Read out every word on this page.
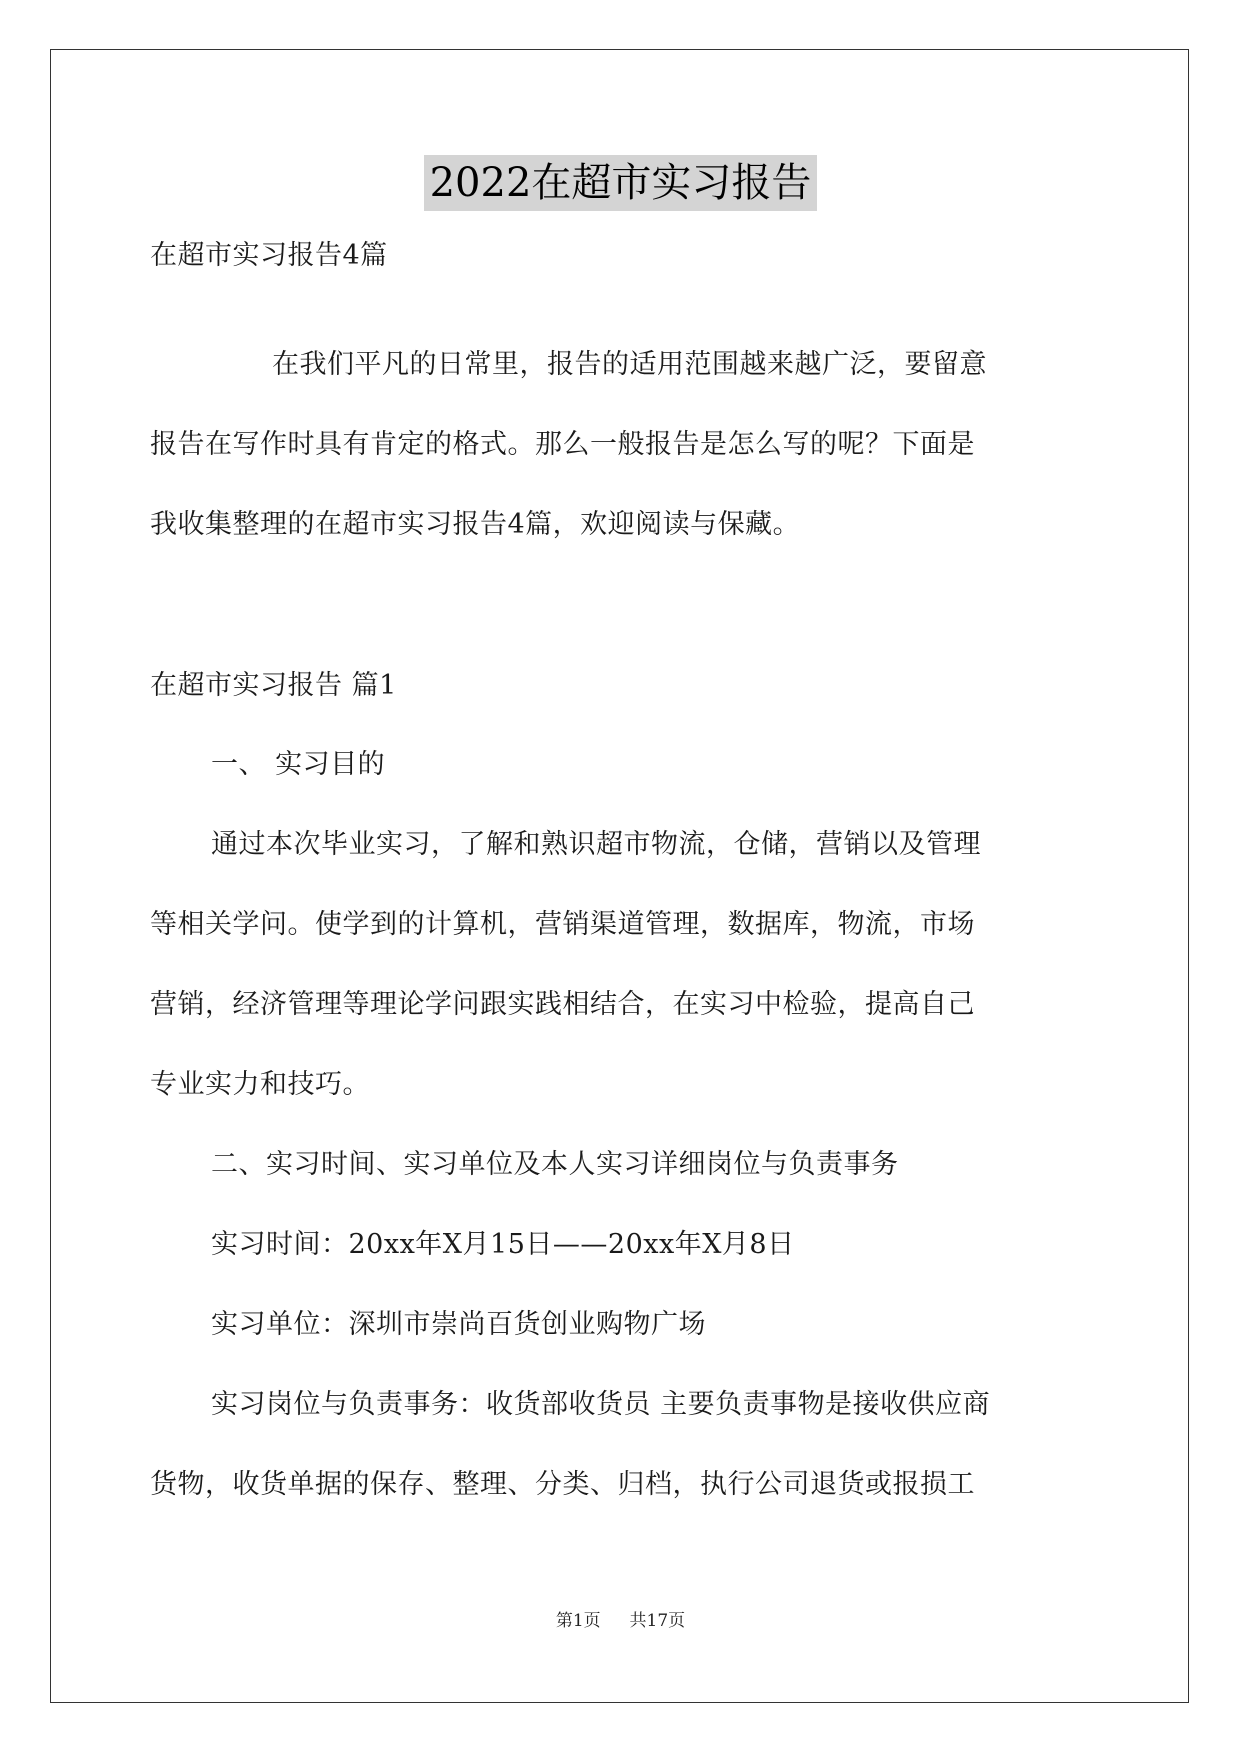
2022在超市实习报告
在超市实习报告4篇
在我们平凡的日常里，报告的适用范围越来越广泛，要留意
报告在写作时具有肯定的格式。那么一般报告是怎么写的呢？下面是
我收集整理的在超市实习报告4篇，欢迎阅读与保藏。
在超市实习报告 篇1
一、 实习目的
通过本次毕业实习，了解和熟识超市物流，仓储，营销以及管理
等相关学问。使学到的计算机，营销渠道管理，数据库，物流，市场
营销，经济管理等理论学问跟实践相结合，在实习中检验，提高自己
专业实力和技巧。
二、实习时间、实习单位及本人实习详细岗位与负责事务
实习时间：20xx年X月15日——20xx年X月8日
实习单位：深圳市崇尚百货创业购物广场
实习岗位与负责事务：收货部收货员 主要负责事物是接收供应商
货物，收货单据的保存、整理、分类、归档，执行公司退货或报损工
第1页 共17页
